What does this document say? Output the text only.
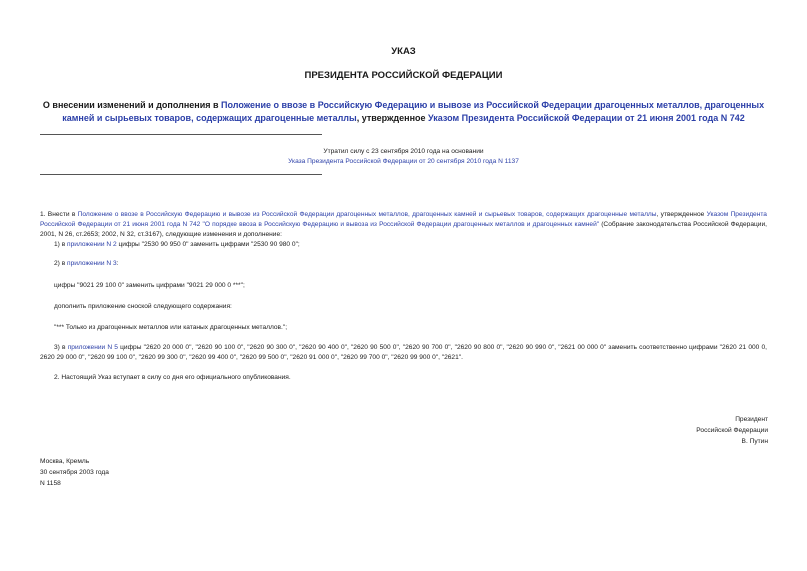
УКАЗ
ПРЕЗИДЕНТА РОССИЙСКОЙ ФЕДЕРАЦИИ
О внесении изменений и дополнения в Положение о ввозе в Российскую Федерацию и вывозе из Российской Федерации драгоценных металлов, драгоценных камней и сырьевых товаров, содержащих драгоценные металлы, утвержденное Указом Президента Российской Федерации от 21 июня 2001 года N 742
Утратил силу с 23 сентября 2010 года на основании
Указа Президента Российской Федерации от 20 сентября 2010 года N 1137
1. Внести в Положение о ввозе в Российскую Федерацию и вывозе из Российской Федерации драгоценных металлов, драгоценных камней и сырьевых товаров, содержащих драгоценные металлы, утвержденное Указом Президента Российской Федерации от 21 июня 2001 года N 742 "О порядке ввоза в Российскую Федерацию и вывоза из Российской Федерации драгоценных металлов и драгоценных камней" (Собрание законодательства Российской Федерации, 2001, N 26, ст.2653; 2002, N 32, ст.3167), следующие изменения и дополнение:
1) в приложении N 2 цифры "2530 90 950 0" заменить цифрами "2530 90 980 0";
2) в приложении N 3:
цифры "9021 29 100 0" заменить цифрами "9021 29 000 0 ***";
дополнить приложение сноской следующего содержания:
"*** Только из драгоценных металлов или катаных драгоценных металлов.";
3) в приложении N 5 цифры "2620 20 000 0", "2620 90 100 0", "2620 90 300 0", "2620 90 400 0", "2620 90 500 0", "2620 90 700 0", "2620 90 800 0", "2620 90 990 0", "2621 00 000 0" заменить соответственно цифрами "2620 21 000 0, 2620 29 000 0", "2620 99 100 0", "2620 99 300 0", "2620 99 400 0", "2620 99 500 0", "2620 91 000 0", "2620 99 700 0", "2620 99 900 0", "2621".
2. Настоящий Указ вступает в силу со дня его официального опубликования.
Президент
Российской Федерации
В. Путин
Москва, Кремль
30 сентября 2003 года
N 1158
